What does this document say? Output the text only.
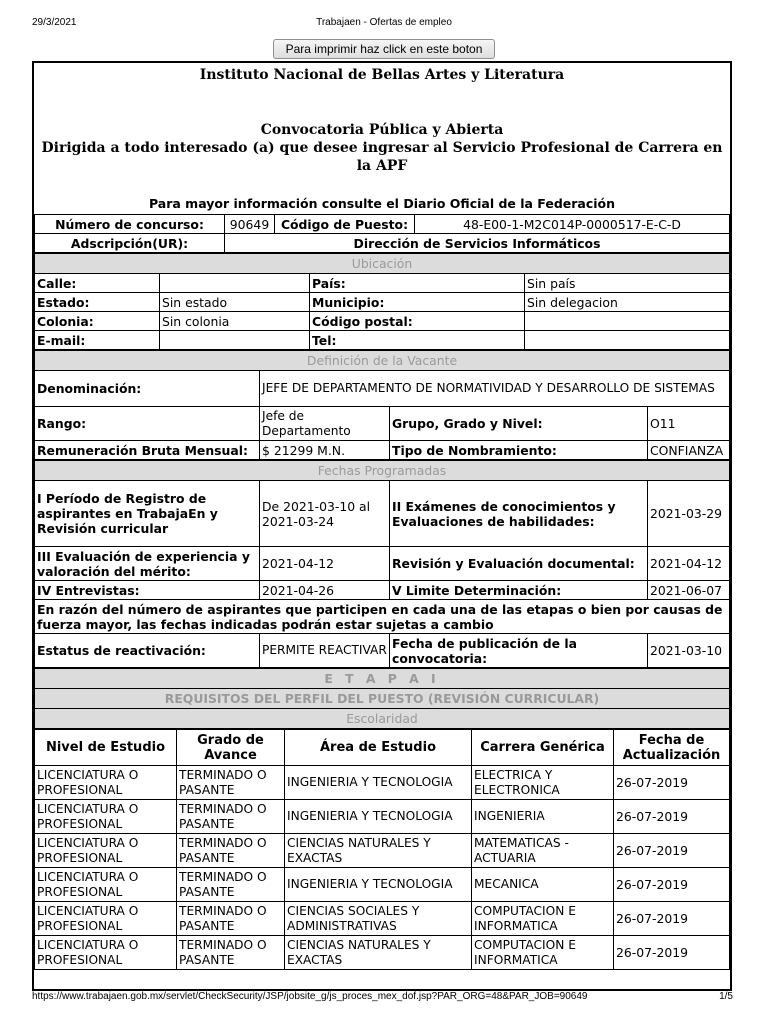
29/3/2021	Trabajaen - Ofertas de empleo
Para imprimir haz click en este boton
Instituto Nacional de Bellas Artes y Literatura
Convocatoria Pública y Abierta
Dirigida a todo interesado (a) que desee ingresar al Servicio Profesional de Carrera en la APF
Para mayor información consulte el Diario Oficial de la Federación
Número de concurso:	90649	Código de Puesto:	48-E00-1-M2C014P-0000517-E-C-D
Adscripción(UR):	Dirección de Servicios Informáticos		
Ubicación			
Calle:		País:	Sin país
Estado:	Sin estado	Municipio:	Sin delegacion
Colonia:	Sin colonia	Código postal:	
E-mail:		Tel:	
Definición de la Vacante			
Denominación:	JEFE DE DEPARTAMENTO DE NORMATIVIDAD Y DESARROLLO DE SISTEMAS		
Rango:	Jefe de Departamento	Grupo, Grado y Nivel:	O11
Remuneración Bruta Mensual:	$ 21299 M.N.	Tipo de Nombramiento:	CONFIANZA
Fechas Programadas			
I Período de Registro de aspirantes en TrabajaEn y Revisión curricular	De 2021-03-10 al 2021-03-24	II Exámenes de conocimientos y Evaluaciones de habilidades:	2021-03-29
III Evaluación de experiencia y valoración del mérito:	2021-04-12	Revisión y Evaluación documental:	2021-04-12
IV Entrevistas:	2021-04-26	V Limite Determinación:	2021-06-07
En razón del número de aspirantes que participen en cada una de las etapas o bien por causas de fuerza mayor, las fechas indicadas podrán estar sujetas a cambio			
Estatus de reactivación:	PERMITE REACTIVAR	Fecha de publicación de la convocatoria:	2021-03-10
E T A P A I
REQUISITOS DEL PERFIL DEL PUESTO (REVISIÓN CURRICULAR)
Escolaridad
Nivel de Estudio	Grado de Avance	Área de Estudio	Carrera Genérica	Fecha de Actualización
LICENCIATURA O PROFESIONAL	TERMINADO O PASANTE	INGENIERIA Y TECNOLOGIA	ELECTRICA Y ELECTRONICA	26-07-2019
LICENCIATURA O PROFESIONAL	TERMINADO O PASANTE	INGENIERIA Y TECNOLOGIA	INGENIERIA	26-07-2019
LICENCIATURA O PROFESIONAL	TERMINADO O PASANTE	CIENCIAS NATURALES Y EXACTAS	MATEMATICAS - ACTUARIA	26-07-2019
LICENCIATURA O PROFESIONAL	TERMINADO O PASANTE	INGENIERIA Y TECNOLOGIA	MECANICA	26-07-2019
LICENCIATURA O PROFESIONAL	TERMINADO O PASANTE	CIENCIAS SOCIALES Y ADMINISTRATIVAS	COMPUTACION E INFORMATICA	26-07-2019
LICENCIATURA O PROFESIONAL	TERMINADO O PASANTE	CIENCIAS NATURALES Y EXACTAS	COMPUTACION E INFORMATICA	26-07-2019
https://www.trabajaen.gob.mx/servlet/CheckSecurity/JSP/jobsite_g/js_proces_mex_dof.jsp?PAR_ORG=48&PAR_JOB=90649	1/5
